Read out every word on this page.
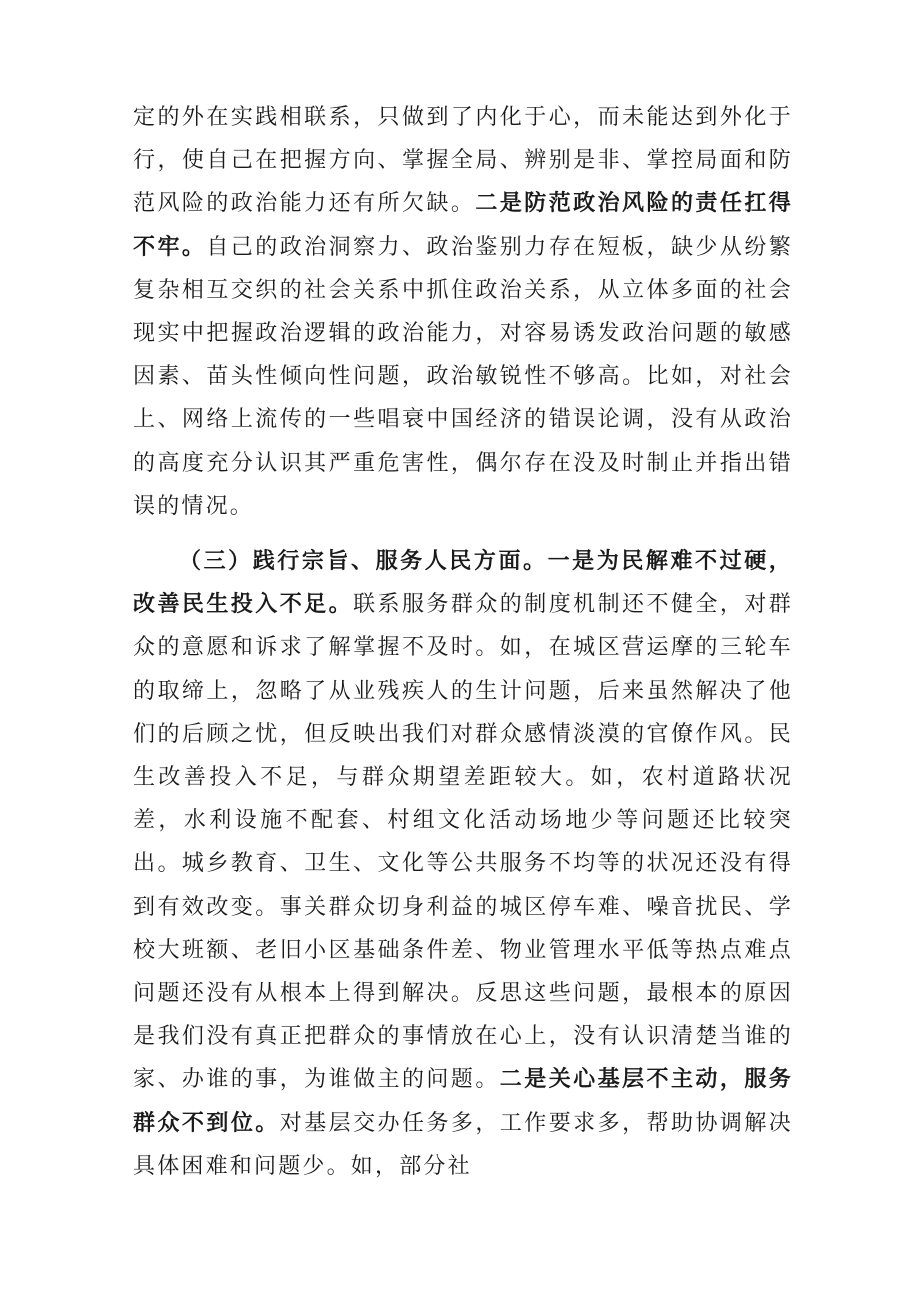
定的外在实践相联系，只做到了内化于心，而未能达到外化于行，使自己在把握方向、掌握全局、辨别是非、掌控局面和防范风险的政治能力还有所欠缺。二是防范政治风险的责任扛得不牢。自己的政治洞察力、政治鉴别力存在短板，缺少从纷繁复杂相互交织的社会关系中抓住政治关系，从立体多面的社会现实中把握政治逻辑的政治能力，对容易诱发政治问题的敏感因素、苗头性倾向性问题，政治敏锐性不够高。比如，对社会上、网络上流传的一些唱衰中国经济的错误论调，没有从政治的高度充分认识其严重危害性，偶尔存在没及时制止并指出错误的情况。

（三）践行宗旨、服务人民方面。一是为民解难不过硬，改善民生投入不足。联系服务群众的制度机制还不健全，对群众的意愿和诉求了解掌握不及时。如，在城区营运摩的三轮车的取缔上，忽略了从业残疾人的生计问题，后来虽然解决了他们的后顾之忧，但反映出我们对群众感情淡漠的官僚作风。民生改善投入不足，与群众期望差距较大。如，农村道路状况差，水利设施不配套、村组文化活动场地少等问题还比较突出。城乡教育、卫生、文化等公共服务不均等的状况还没有得到有效改变。事关群众切身利益的城区停车难、噪音扰民、学校大班额、老旧小区基础条件差、物业管理水平低等热点难点问题还没有从根本上得到解决。反思这些问题，最根本的原因是我们没有真正把群众的事情放在心上，没有认识清楚当谁的家、办谁的事，为谁做主的问题。二是关心基层不主动，服务群众不到位。对基层交办任务多，工作要求多，帮助协调解决具体困难和问题少。如，部分社
